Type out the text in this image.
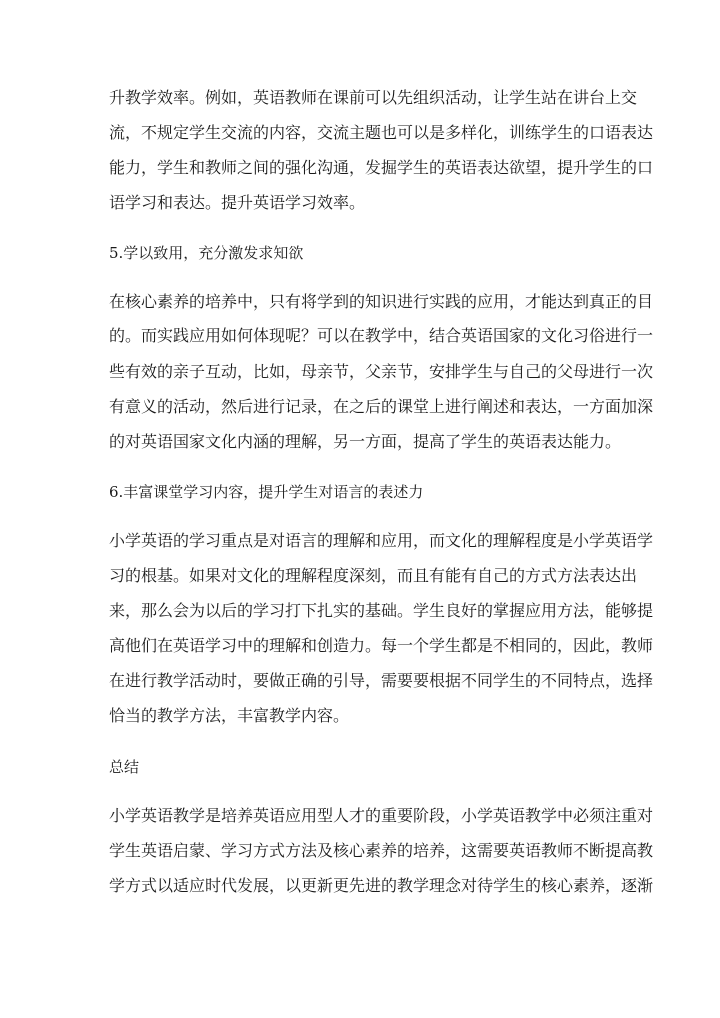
升教学效率。例如，英语教师在课前可以先组织活动，让学生站在讲台上交
流，不规定学生交流的内容，交流主题也可以是多样化，训练学生的口语表达
能力，学生和教师之间的强化沟通，发掘学生的英语表达欲望，提升学生的口
语学习和表达。提升英语学习效率。
5.学以致用，充分激发求知欲
在核心素养的培养中，只有将学到的知识进行实践的应用，才能达到真正的目
的。而实践应用如何体现呢？可以在教学中，结合英语国家的文化习俗进行一
些有效的亲子互动，比如，母亲节，父亲节，安排学生与自己的父母进行一次
有意义的活动，然后进行记录，在之后的课堂上进行阐述和表达，一方面加深
的对英语国家文化内涵的理解，另一方面，提高了学生的英语表达能力。
6.丰富课堂学习内容，提升学生对语言的表述力
小学英语的学习重点是对语言的理解和应用，而文化的理解程度是小学英语学
习的根基。如果对文化的理解程度深刻，而且有能有自己的方式方法表达出
来，那么会为以后的学习打下扎实的基础。学生良好的掌握应用方法，能够提
高他们在英语学习中的理解和创造力。每一个学生都是不相同的，因此，教师
在进行教学活动时，要做正确的引导，需要要根据不同学生的不同特点，选择
恰当的教学方法，丰富教学内容。
总结
小学英语教学是培养英语应用型人才的重要阶段，小学英语教学中必须注重对
学生英语启蒙、学习方式方法及核心素养的培养，这需要英语教师不断提高教
学方式以适应时代发展，以更新更先进的教学理念对待学生的核心素养，逐渐
